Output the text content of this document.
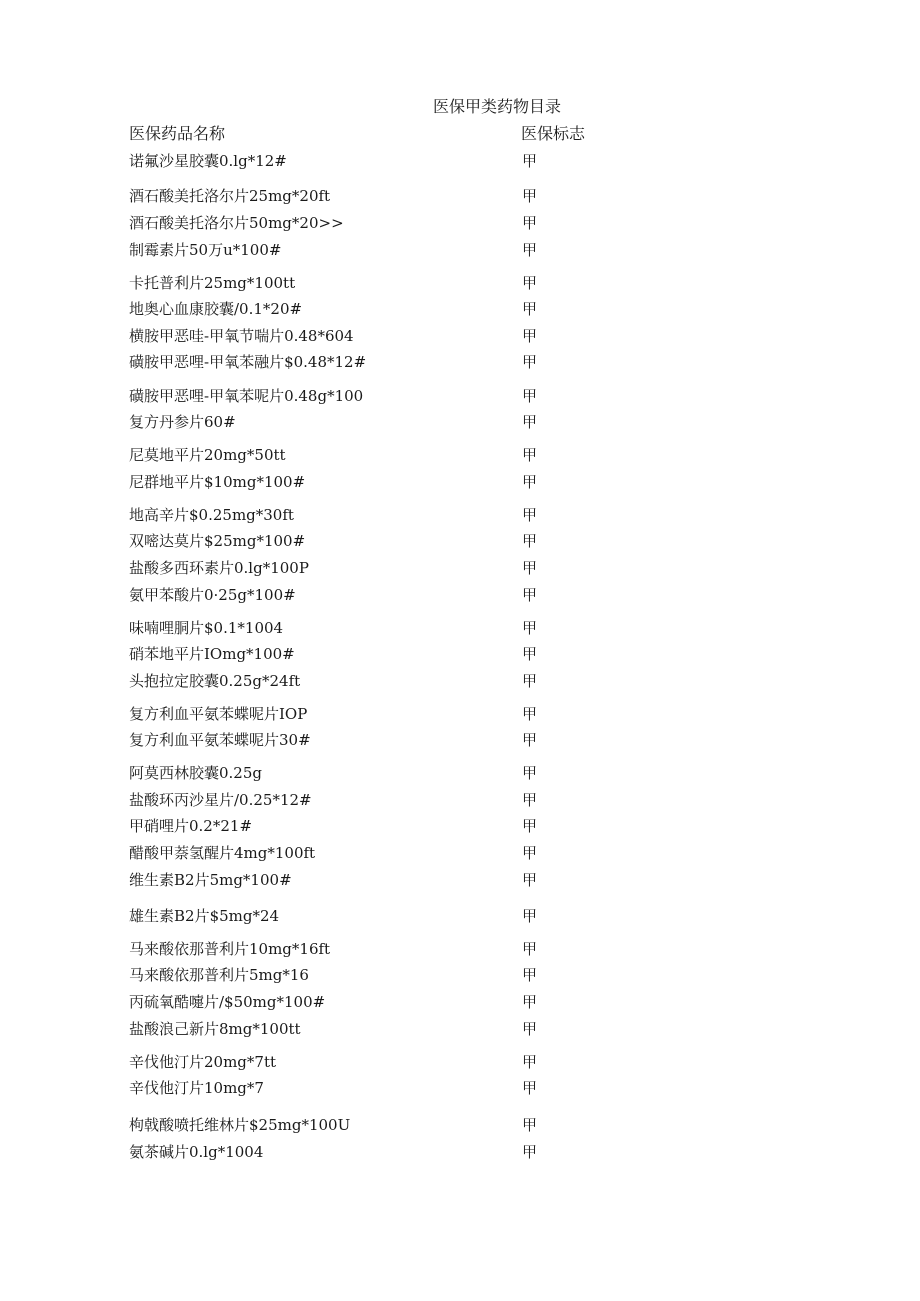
医保甲类药物目录
医保药品名称	医保标志
诺氟沙星胶囊0.lg*12#	甲
酒石酸美托洛尔片25mg*20ft	甲
酒石酸美托洛尔片50mg*20>>	甲
制霉素片50万u*100#	甲
卡托普利片25mg*100tt	甲
地奥心血康胶囊/0.1*20#	甲
横胺甲恶哇-甲氧节喘片0.48*604	甲
磺胺甲恶哩-甲氧苯融片$0.48*12#	甲
磺胺甲恶哩-甲氧苯呢片0.48g*100	甲
复方丹参片60#	甲
尼莫地平片20mg*50tt	甲
尼群地平片$10mg*100#	甲
地高辛片$0.25mg*30ft	甲
双嘧达莫片$25mg*100#	甲
盐酸多西环素片0.lg*100P	甲
氨甲苯酸片0·25g*100#	甲
味喃哩胴片$0.1*1004	甲
硝苯地平片IOmg*100#	甲
头抱拉定胶囊0.25g*24ft	甲
复方利血平氨苯蝶呢片IOP	甲
复方利血平氨苯蝶呢片30#	甲
阿莫西林胶囊0.25g	甲
盐酸环丙沙星片/0.25*12#	甲
甲硝哩片0.2*21#	甲
醋酸甲萘氢醒片4mg*100ft	甲
维生素B2片5mg*100#	甲
雄生素B2片$5mg*24	甲
马来酸依那普利片10mg*16ft	甲
马来酸依那普利片5mg*16	甲
丙硫氧酷嚏片/$50mg*100#	甲
盐酸浪己新片8mg*100tt	甲
辛伐他汀片20mg*7tt	甲
辛伐他汀片10mg*7	甲
枸戟酸喷托维林片$25mg*100U	甲
氨茶碱片0.lg*1004	甲
